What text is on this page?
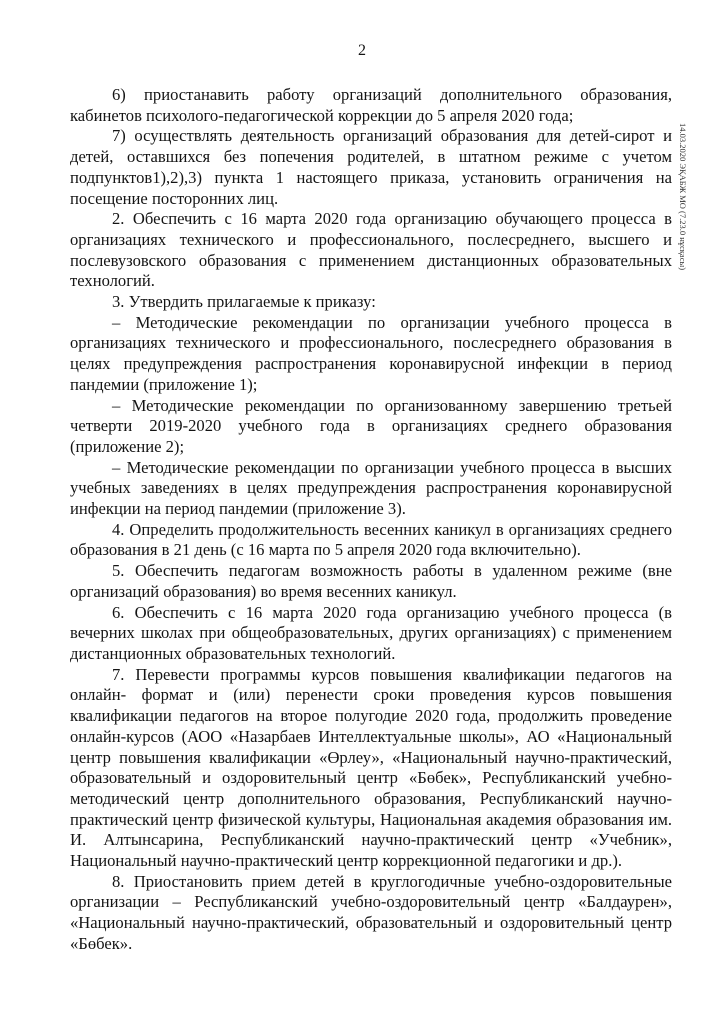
2
14.03.2020 ЭҚАБЖ МО (7.23.0 нұсқасы)

6) приостанавить работу организаций дополнительного образования, кабинетов психолого-педагогической коррекции до 5 апреля 2020 года;

7) осуществлять деятельность организаций образования для детей-сирот и детей, оставшихся без попечения родителей, в штатном режиме с учетом подпунктов1),2),3) пункта 1 настоящего приказа, установить ограничения на посещение посторонних лиц.

2. Обеспечить с 16 марта 2020 года организацию обучающего процесса в организациях технического и профессионального, послесреднего, высшего и послевузовского образования с применением дистанционных образовательных технологий.

3. Утвердить прилагаемые к приказу:

– Методические рекомендации по организации учебного процесса в организациях технического и профессионального, послесреднего образования в целях предупреждения распространения коронавирусной инфекции в период пандемии (приложение 1);

– Методические рекомендации по организованному завершению третьей четверти 2019-2020 учебного года в организациях среднего образования (приложение 2);

– Методические рекомендации по организации учебного процесса в высших учебных заведениях в целях предупреждения распространения коронавирусной инфекции на период пандемии (приложение 3).

4. Определить продолжительность весенних каникул в организациях среднего образования в 21 день (с 16 марта по 5 апреля 2020 года включительно).

5. Обеспечить педагогам возможность работы в удаленном режиме (вне организаций образования) во время весенних каникул.

6. Обеспечить с 16 марта 2020 года организацию учебного процесса (в вечерних школах при общеобразовательных, других организациях) с применением дистанционных образовательных технологий.

7. Перевести программы курсов повышения квалификации педагогов на онлайн- формат и (или) перенести сроки проведения курсов повышения квалификации педагогов на второе полугодие 2020 года, продолжить проведение онлайн-курсов (АОО «Назарбаев Интеллектуальные школы», АО «Национальный центр повышения квалификации «Өрлеу», «Национальный научно-практический, образовательный и оздоровительный центр «Бөбек», Республиканский учебно-методический центр дополнительного образования, Республиканский научно-практический центр физической культуры, Национальная академия образования им. И. Алтынсарина, Республиканский научно-практический центр «Учебник», Национальный научно-практический центр коррекционной педагогики и др.).

8. Приостановить прием детей в круглогодичные учебно-оздоровительные организации – Республиканский учебно-оздоровительный центр «Балдаурен», «Национальный научно-практический, образовательный и оздоровительный центр «Бөбек».
